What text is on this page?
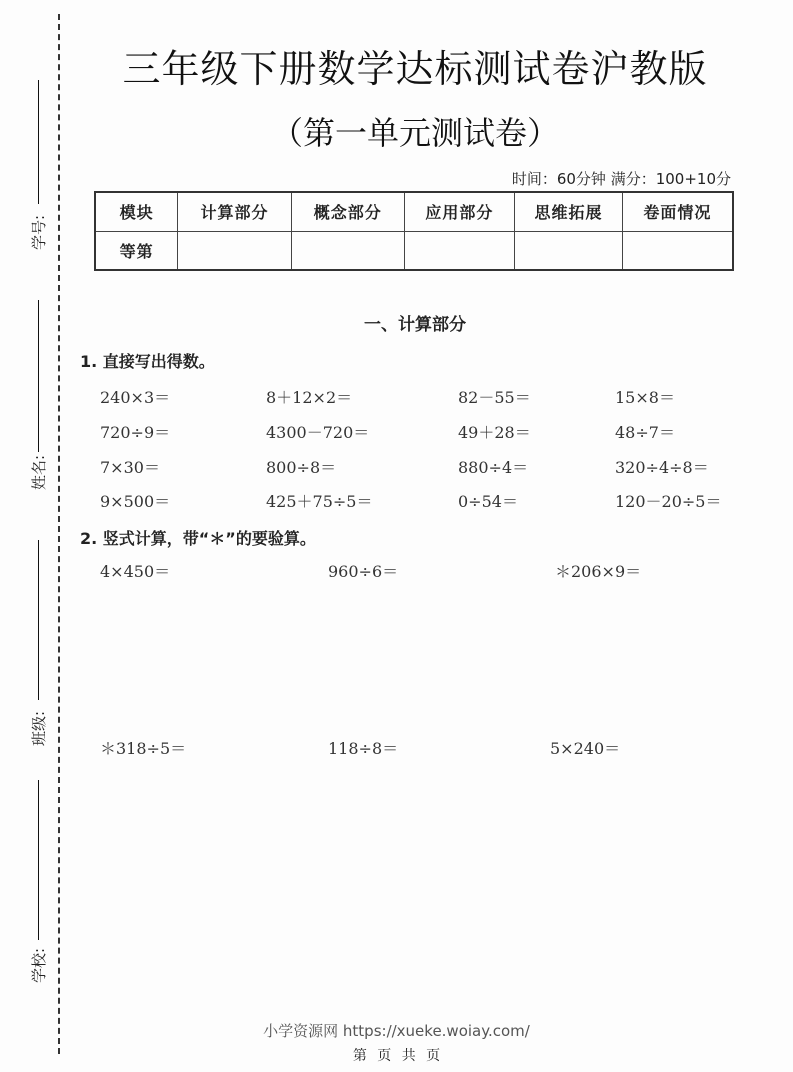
学号:
姓名:
班级:
学校:
三年级下册数学达标测试卷沪教版
（第一单元测试卷）
时间：60分钟 满分：100+10分
模块	计算部分	概念部分	应用部分	思维拓展	卷面情况
等第					
一、计算部分
1. 直接写出得数。
240×3＝	8＋12×2＝	82－55＝	15×8＝
720÷9＝	4300－720＝	49＋28＝	48÷7＝
7×30＝	800÷8＝	880÷4＝	320÷4÷8＝
9×500＝	425＋75÷5＝	0÷54＝	120－20÷5＝
2. 竖式计算，带“＊”的要验算。
4×450＝	960÷6＝	＊206×9＝
＊318÷5＝	118÷8＝	5×240＝
小学资源网 https://xueke.woiay.com/
第 页 共 页
